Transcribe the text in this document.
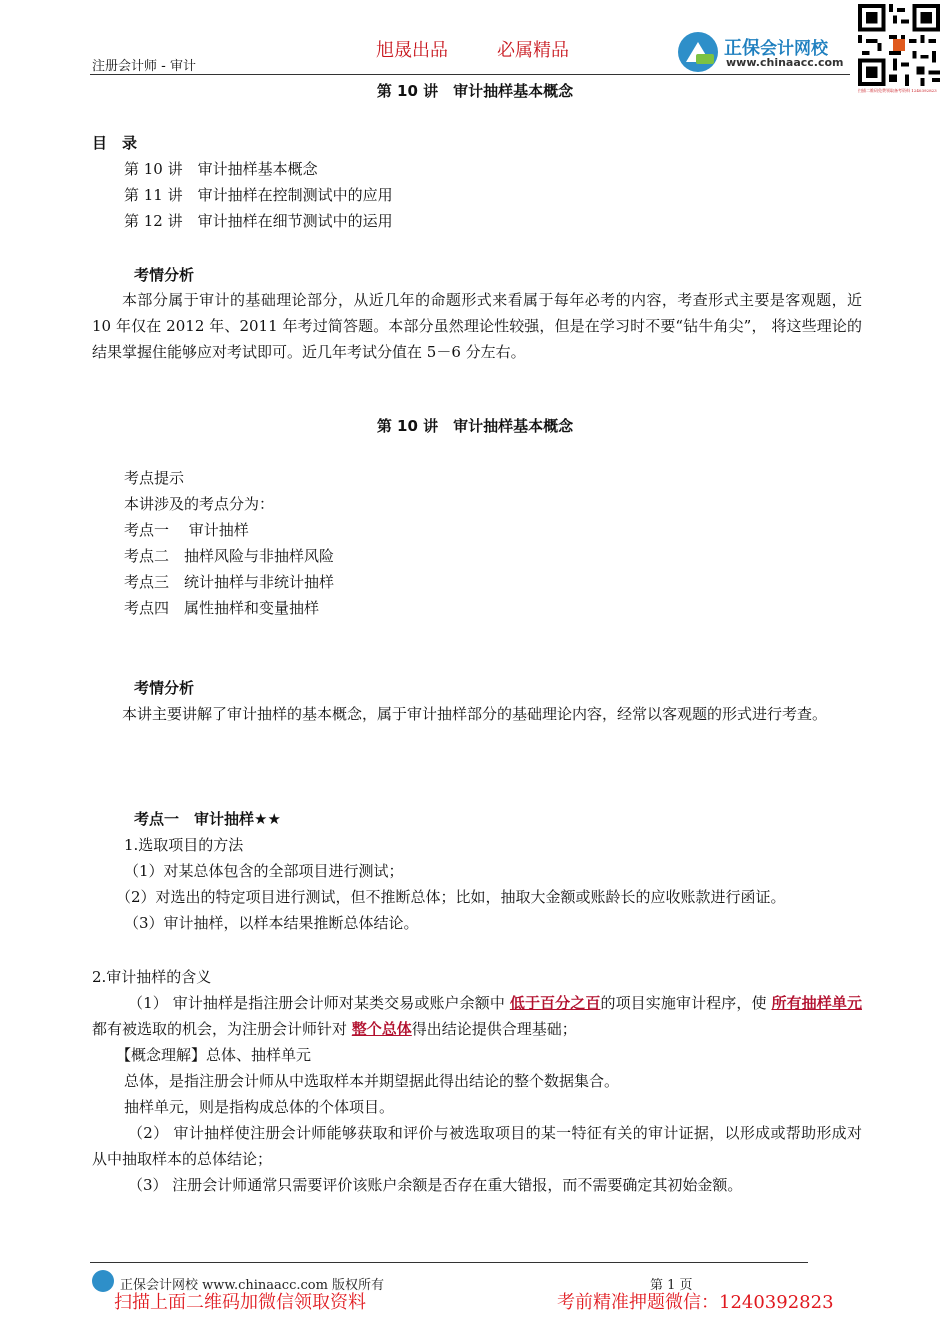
注册会计师 - 审计
旭晟出品	必属精品	正保会计网校
www.chinaacc.com
扫描二维码免费领取备考资料 1240392823
第 10 讲　审计抽样基本概念
目　录
第 10 讲　审计抽样基本概念
第 11 讲　审计抽样在控制测试中的应用
第 12 讲　审计抽样在细节测试中的运用
考情分析
本部分属于审计的基础理论部分，从近几年的命题形式来看属于每年必考的内容，考查形式主要是客观题，近 10 年仅在 2012 年、2011 年考过简答题。本部分虽然理论性较强，但是在学习时不要“钻牛角尖”， 将这些理论的结果掌握住能够应对考试即可。近几年考试分值在 5－6 分左右。
第 10 讲　审计抽样基本概念
考点提示
本讲涉及的考点分为：
考点一　 审计抽样
考点二　抽样风险与非抽样风险
考点三　统计抽样与非统计抽样
考点四　属性抽样和变量抽样
考情分析
本讲主要讲解了审计抽样的基本概念，属于审计抽样部分的基础理论内容，经常以客观题的形式进行考查。
考点一　审计抽样★★
1.选取项目的方法
（1）对某总体包含的全部项目进行测试；
（2）对选出的特定项目进行测试，但不推断总体；比如，抽取大金额或账龄长的应收账款进行函证。
（3）审计抽样，以样本结果推断总体结论。
2.审计抽样的含义
（1） 审计抽样是指注册会计师对某类交易或账户余额中 低于百分之百的项目实施审计程序，使 所有抽样单元都有被选取的机会，为注册会计师针对 整个总体得出结论提供合理基础；
【概念理解】总体、抽样单元
总体，是指注册会计师从中选取样本并期望据此得出结论的整个数据集合。
抽样单元，则是指构成总体的个体项目。
（2） 审计抽样使注册会计师能够获取和评价与被选取项目的某一特征有关的审计证据，以形成或帮助形成对从中抽取样本的总体结论；
（3） 注册会计师通常只需要评价该账户余额是否存在重大错报，而不需要确定其初始金额。
正保会计网校 www.chinaacc.com 版权所有	第 1 页
扫描上面二维码加微信领取资料	考前精准押题微信：1240392823
